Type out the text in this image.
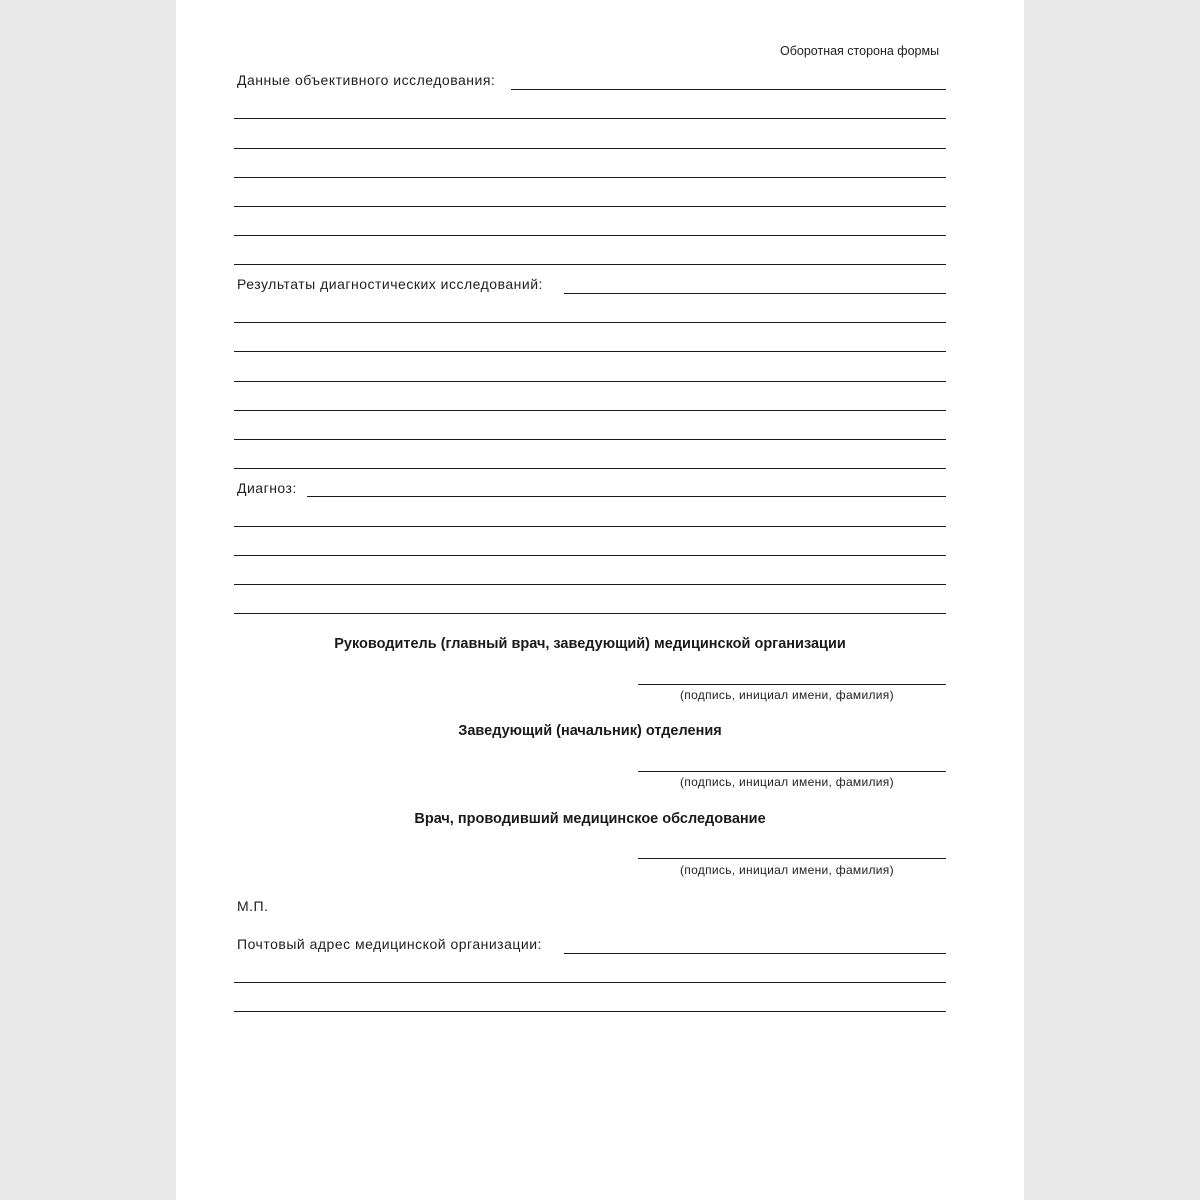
Оборотная сторона формы
Данные объективного исследования:
Результаты диагностических исследований:
Диагноз:
Руководитель (главный врач, заведующий) медицинской организации
(подпись, инициал имени, фамилия)
Заведующий (начальник) отделения
(подпись, инициал имени, фамилия)
Врач, проводивший медицинское обследование
(подпись, инициал имени, фамилия)
М.П.
Почтовый адрес медицинской организации:
